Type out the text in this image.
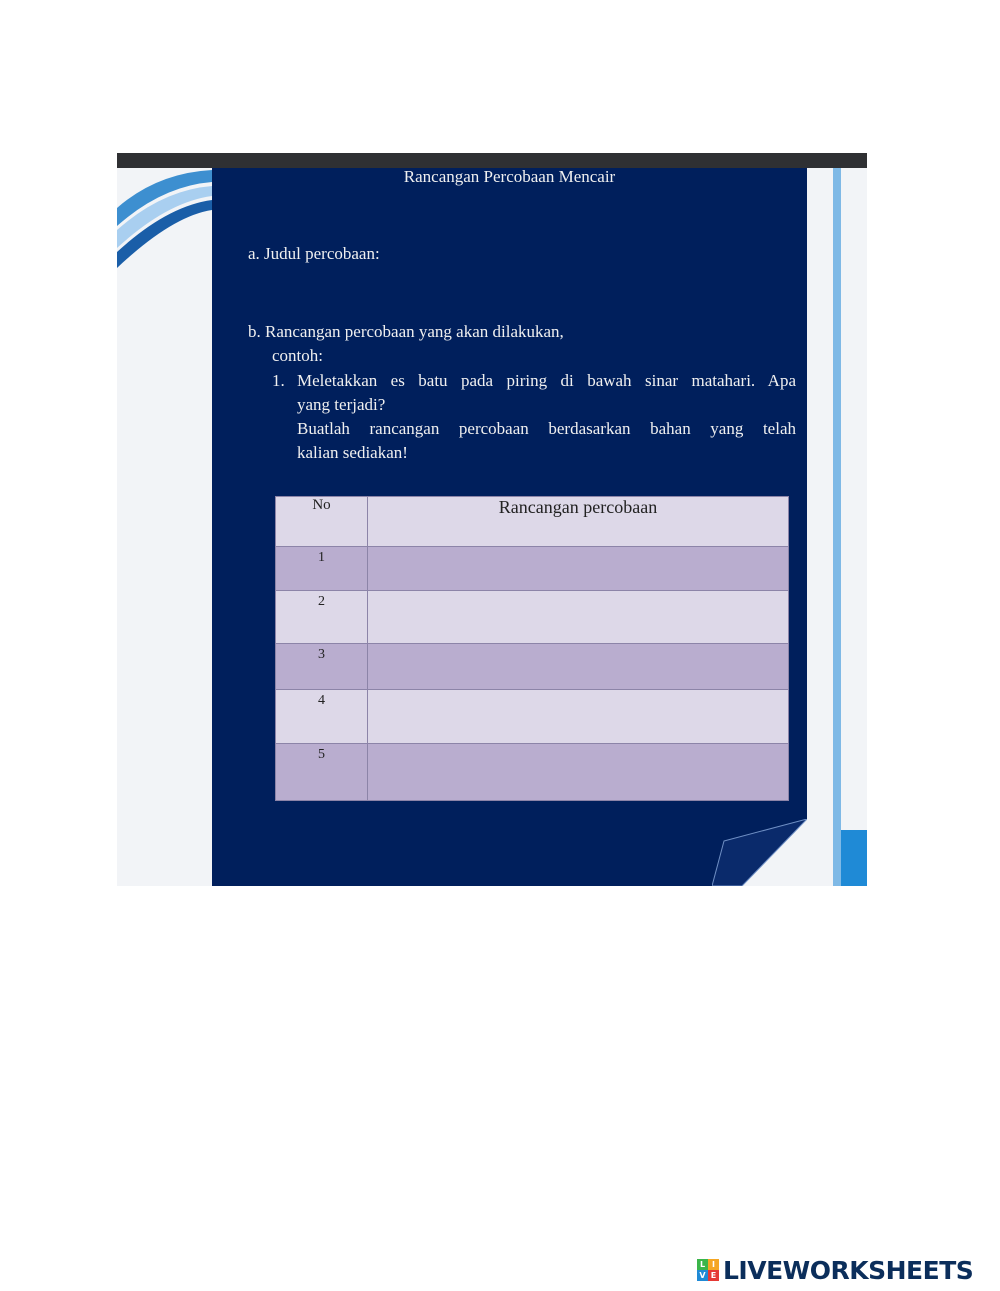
Rancangan Percobaan Mencair
a. Judul percobaan:
b. Rancangan percobaan yang akan dilakukan,
contoh:
1. Meletakkan es batu pada piring di bawah sinar matahari. Apa

yang terjadi?

Buatlah rancangan percobaan berdasarkan bahan yang telah

kalian sediakan!

No	Rancangan percobaan
1	
2	
3	
4	
5	
L I
V E LIVEWORKSHEETS
